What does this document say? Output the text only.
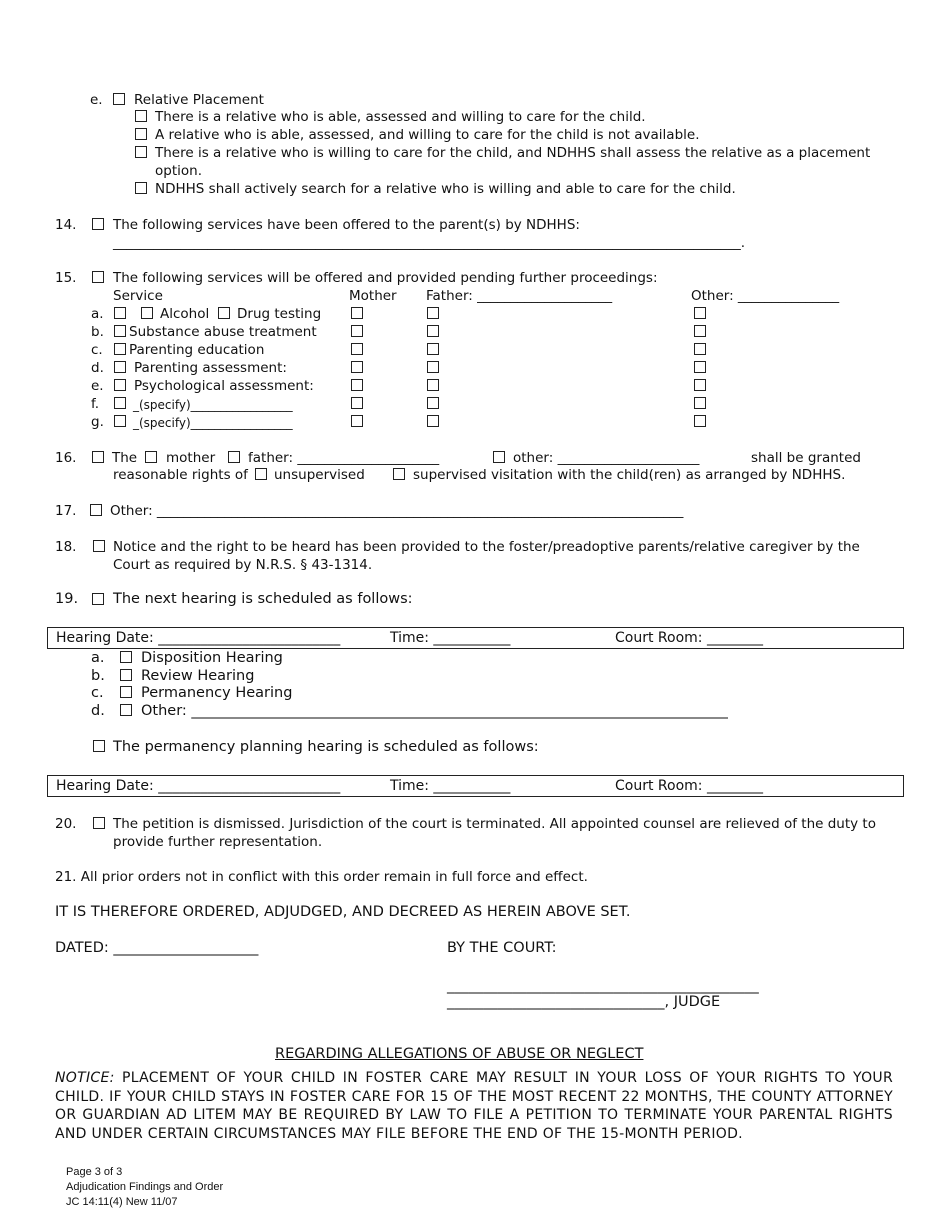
e. Relative Placement
There is a relative who is able, assessed and willing to care for the child.
A relative who is able, assessed, and willing to care for the child is not available.
There is a relative who is willing to care for the child, and NDHHS shall assess the relative as a placement
option.
NDHHS shall actively search for a relative who is willing and able to care for the child.
14.	The following services have been offered to the parent(s) by NDHHS:
_____________________________________________________________________________________________.
15.	The following services will be offered and provided pending further proceedings:
Service	Mother Father: ____________________	Other: _______________
a.	Alcohol Drug testing
b. Substance abuse treatment
c. Parenting education
d. Parenting assessment:
e. Psychological assessment:
f.	_(specify)_________________
g. _(specify)_________________
16.	The mother father: _____________________	other: _____________________	shall be granted
reasonable rights of unsupervised	supervised visitation with the child(ren) as arranged by NDHHS.
17. Other: ______________________________________________________________________________
18.	Notice and the right to be heard has been provided to the foster/preadoptive parents/relative caregiver by the
Court as required by N.R.S. § 43-1314.
19. The next hearing is scheduled as follows:
Hearing Date: __________________________	Time: ___________	Court Room: ________
a.	Disposition Hearing
b. Review Hearing
c.	Permanency Hearing
d. Other: __________________________________________________________________________
The permanency planning hearing is scheduled as follows:
Hearing Date: __________________________	Time: ___________	Court Room: ________
20.	The petition is dismissed. Jurisdiction of the court is terminated. All appointed counsel are relieved of the duty to
provide further representation.
21. All prior orders not in conflict with this order remain in full force and effect.
IT IS THEREFORE ORDERED, ADJUDGED, AND DECREED AS HEREIN ABOVE SET.
DATED: ____________________	BY THE COURT:
___________________________________________
______________________________, JUDGE
REGARDING ALLEGATIONS OF ABUSE OR NEGLECT
NOTICE: PLACEMENT OF YOUR CHILD IN FOSTER CARE MAY RESULT IN YOUR LOSS OF YOUR RIGHTS TO YOUR CHILD. IF YOUR CHILD STAYS IN FOSTER CARE FOR 15 OF THE MOST RECENT 22 MONTHS, THE COUNTY ATTORNEY OR GUARDIAN AD LITEM MAY BE REQUIRED BY LAW TO FILE A PETITION TO TERMINATE YOUR PARENTAL RIGHTS AND UNDER CERTAIN CIRCUMSTANCES MAY FILE BEFORE THE END OF THE 15-MONTH PERIOD.
Page 3 of 3
Adjudication Findings and Order
JC 14:11(4) New 11/07
